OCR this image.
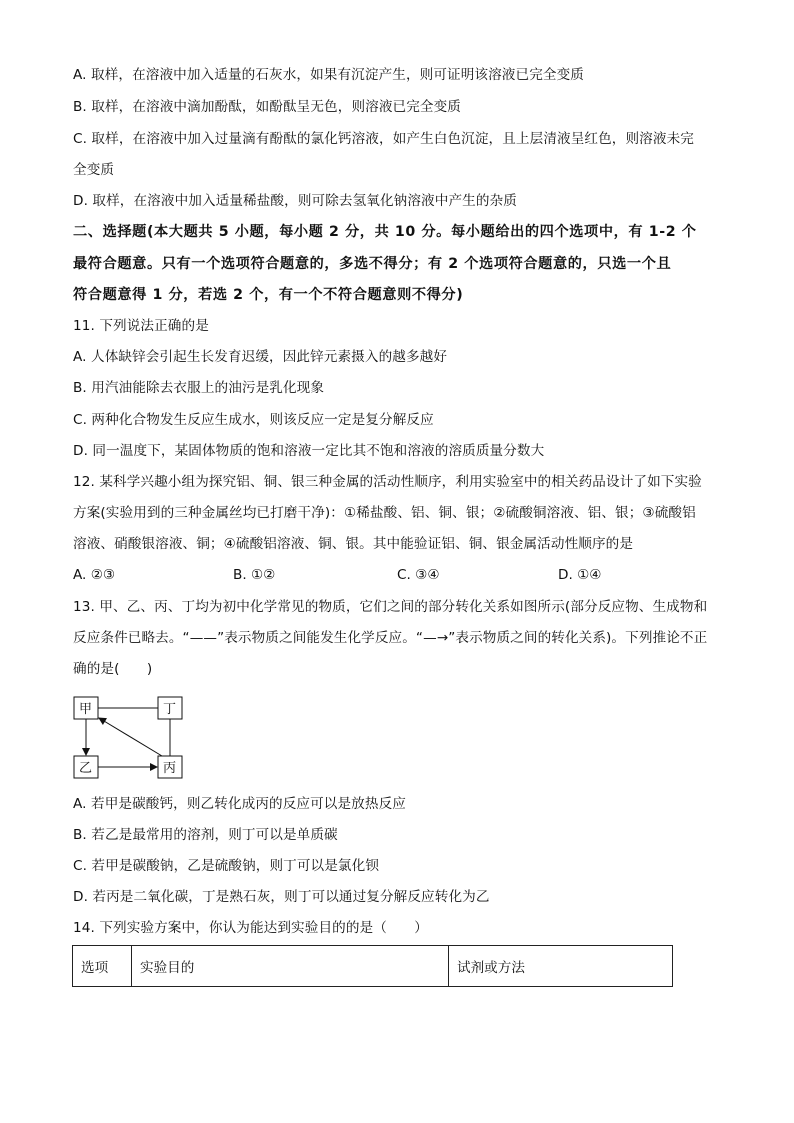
A. 取样，在溶液中加入适量的石灰水，如果有沉淀产生，则可证明该溶液已完全变质
B. 取样，在溶液中滴加酚酞，如酚酞呈无色，则溶液已完全变质
C. 取样，在溶液中加入过量滴有酚酞的氯化钙溶液，如产生白色沉淀，且上层清液呈红色，则溶液未完
全变质
D. 取样，在溶液中加入适量稀盐酸，则可除去氢氧化钠溶液中产生的杂质
二、选择题(本大题共 5 小题，每小题 2 分，共 10 分。每小题给出的四个选项中，有 1-2 个
最符合题意。只有一个选项符合题意的，多选不得分；有 2 个选项符合题意的，只选一个且
符合题意得 1 分，若选 2 个，有一个不符合题意则不得分)
11. 下列说法正确的是
A. 人体缺锌会引起生长发育迟缓，因此锌元素摄入的越多越好
B. 用汽油能除去衣服上的油污是乳化现象
C. 两种化合物发生反应生成水，则该反应一定是复分解反应
D. 同一温度下，某固体物质的饱和溶液一定比其不饱和溶液的溶质质量分数大
12. 某科学兴趣小组为探究铝、铜、银三种金属的活动性顺序，利用实验室中的相关药品设计了如下实验
方案(实验用到的三种金属丝均已打磨干净)：①稀盐酸、铝、铜、银；②硫酸铜溶液、铝、银；③硫酸铝
溶液、硝酸银溶液、铜；④硫酸铝溶液、铜、银。其中能验证铝、铜、银金属活动性顺序的是
A. ②③	B. ①②	C. ③④	D. ①④
13. 甲、乙、丙、丁均为初中化学常见的物质，它们之间的部分转化关系如图所示(部分反应物、生成物和
反应条件已略去。“——”表示物质之间能发生化学反应。“—→”表示物质之间的转化关系)。下列推论不正
确的是(　　)
甲	丁
乙	丙
A. 若甲是碳酸钙，则乙转化成丙的反应可以是放热反应
B. 若乙是最常用的溶剂，则丁可以是单质碳
C. 若甲是碳酸钠，乙是硫酸钠，则丁可以是氯化钡
D. 若丙是二氧化碳，丁是熟石灰，则丁可以通过复分解反应转化为乙
14. 下列实验方案中，你认为能达到实验目的的是（　　）
选项	实验目的	试剂或方法
